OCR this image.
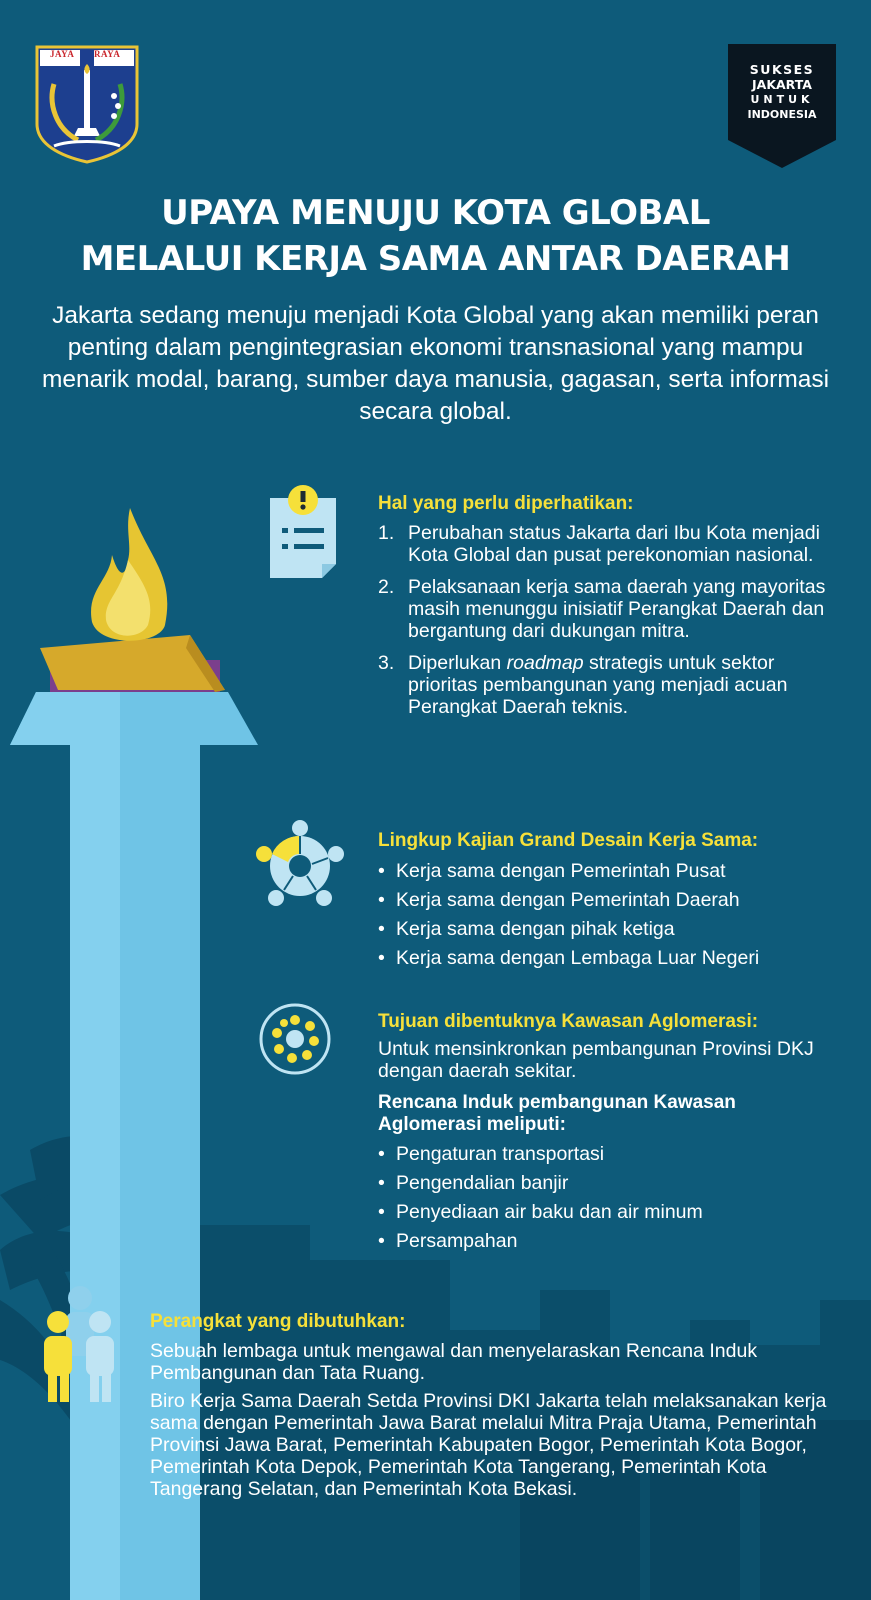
JAYA RAYA
SUKSES
JAKARTA
UNTUK
INDONESIA
UPAYA MENUJU KOTA GLOBAL
MELALUI KERJA SAMA ANTAR DAERAH
Jakarta sedang menuju menjadi Kota Global yang akan memiliki peran penting dalam pengintegrasian ekonomi transnasional yang mampu menarik modal, barang, sumber daya manusia, gagasan, serta informasi secara global.
Hal yang perlu diperhatikan:
1. Perubahan status Jakarta dari Ibu Kota menjadi Kota Global dan pusat perekonomian nasional.
2. Pelaksanaan kerja sama daerah yang mayoritas masih menunggu inisiatif Perangkat Daerah dan bergantung dari dukungan mitra.
3. Diperlukan roadmap strategis untuk sektor prioritas pembangunan yang menjadi acuan Perangkat Daerah teknis.
Lingkup Kajian Grand Desain Kerja Sama:
• Kerja sama dengan Pemerintah Pusat
• Kerja sama dengan Pemerintah Daerah
• Kerja sama dengan pihak ketiga
• Kerja sama dengan Lembaga Luar Negeri
Tujuan dibentuknya Kawasan Aglomerasi:
Untuk mensinkronkan pembangunan Provinsi DKJ dengan daerah sekitar.
Rencana Induk pembangunan Kawasan Aglomerasi meliputi:
• Pengaturan transportasi
• Pengendalian banjir
• Penyediaan air baku dan air minum
• Persampahan
Perangkat yang dibutuhkan:
Sebuah lembaga untuk mengawal dan menyelaraskan Rencana Induk Pembangunan dan Tata Ruang.
Biro Kerja Sama Daerah Setda Provinsi DKI Jakarta telah melaksanakan kerja sama dengan Pemerintah Jawa Barat melalui Mitra Praja Utama, Pemerintah Provinsi Jawa Barat, Pemerintah Kabupaten Bogor, Pemerintah Kota Bogor, Pemerintah Kota Depok, Pemerintah Kota Tangerang, Pemerintah Kota Tangerang Selatan, dan Pemerintah Kota Bekasi.
